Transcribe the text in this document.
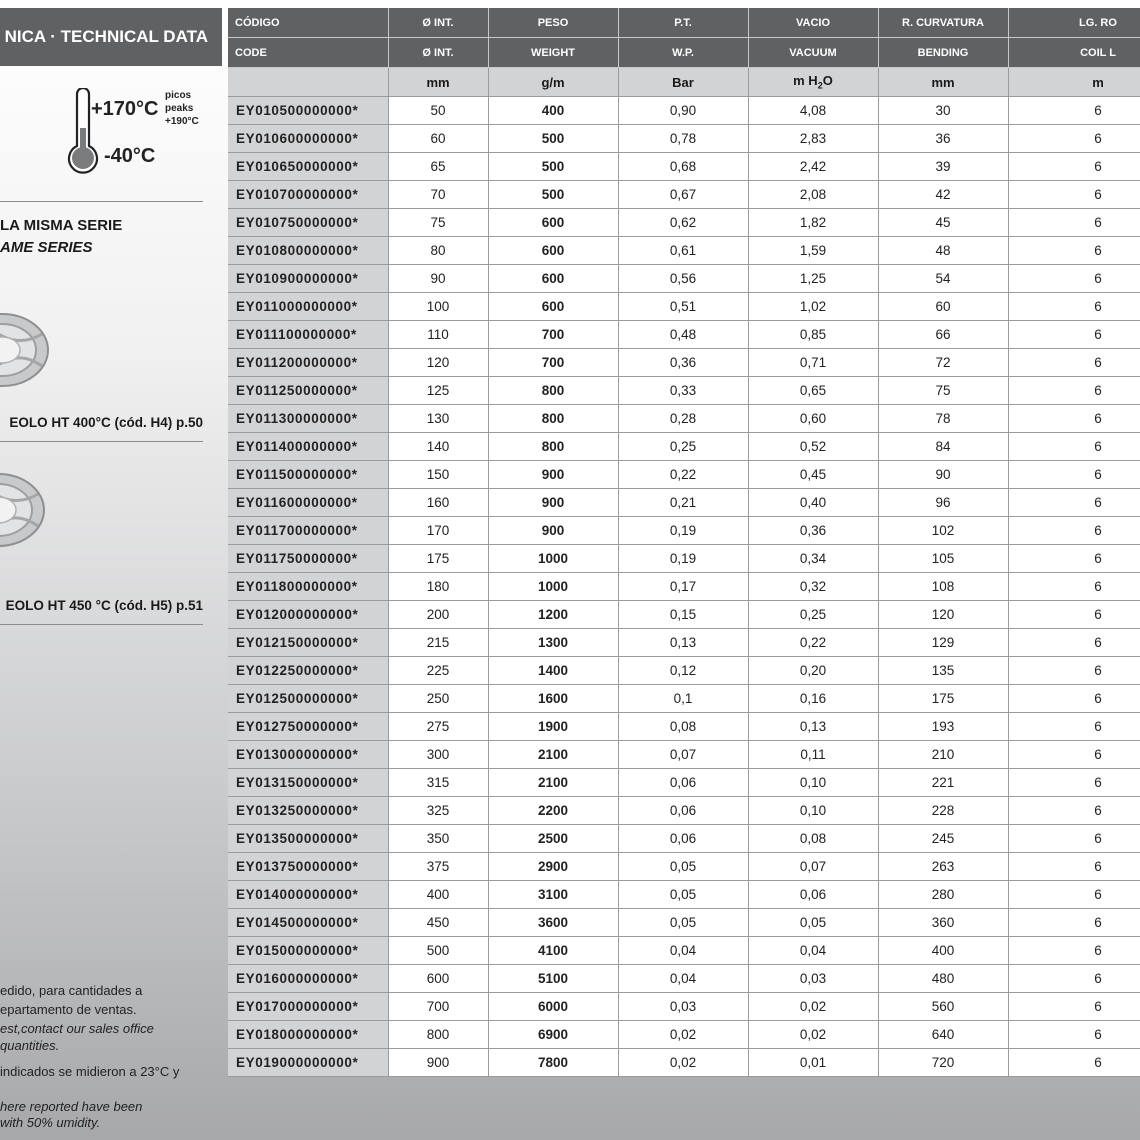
NICA · TECHNICAL DATA
+170°C
picos
peaks
+190°C
-40°C
LA MISMA SERIE
AME SERIES
EOLO HT 400°C (cód. H4) p.50
EOLO HT 450 °C (cód. H5) p.51
edido, para cantidades a
epartamento de ventas.
est,contact our sales office
quantities.
indicados se midieron a 23°C y
here reported have been
with 50% umidity.
CÓDIGO	Ø INT.	PESO	P.T.	VACIO	R. CURVATURA	LG. RO
CODE	Ø INT.	WEIGHT	W.P.	VACUUM	BENDING	COIL L
	mm	g/m	Bar	m $H_2O$	mm	m
EY010500000000*	50	400	0,90	4,08	30	6
EY010600000000*	60	500	0,78	2,83	36	6
EY010650000000*	65	500	0,68	2,42	39	6
EY010700000000*	70	500	0,67	2,08	42	6
EY010750000000*	75	600	0,62	1,82	45	6
EY010800000000*	80	600	0,61	1,59	48	6
EY010900000000*	90	600	0,56	1,25	54	6
EY011000000000*	100	600	0,51	1,02	60	6
EY011100000000*	110	700	0,48	0,85	66	6
EY011200000000*	120	700	0,36	0,71	72	6
EY011250000000*	125	800	0,33	0,65	75	6
EY011300000000*	130	800	0,28	0,60	78	6
EY011400000000*	140	800	0,25	0,52	84	6
EY011500000000*	150	900	0,22	0,45	90	6
EY011600000000*	160	900	0,21	0,40	96	6
EY011700000000*	170	900	0,19	0,36	102	6
EY011750000000*	175	1000	0,19	0,34	105	6
EY011800000000*	180	1000	0,17	0,32	108	6
EY012000000000*	200	1200	0,15	0,25	120	6
EY012150000000*	215	1300	0,13	0,22	129	6
EY012250000000*	225	1400	0,12	0,20	135	6
EY012500000000*	250	1600	0,1	0,16	175	6
EY012750000000*	275	1900	0,08	0,13	193	6
EY013000000000*	300	2100	0,07	0,11	210	6
EY013150000000*	315	2100	0,06	0,10	221	6
EY013250000000*	325	2200	0,06	0,10	228	6
EY013500000000*	350	2500	0,06	0,08	245	6
EY013750000000*	375	2900	0,05	0,07	263	6
EY014000000000*	400	3100	0,05	0,06	280	6
EY014500000000*	450	3600	0,05	0,05	360	6
EY015000000000*	500	4100	0,04	0,04	400	6
EY016000000000*	600	5100	0,04	0,03	480	6
EY017000000000*	700	6000	0,03	0,02	560	6
EY018000000000*	800	6900	0,02	0,02	640	6
EY019000000000*	900	7800	0,02	0,01	720	6
